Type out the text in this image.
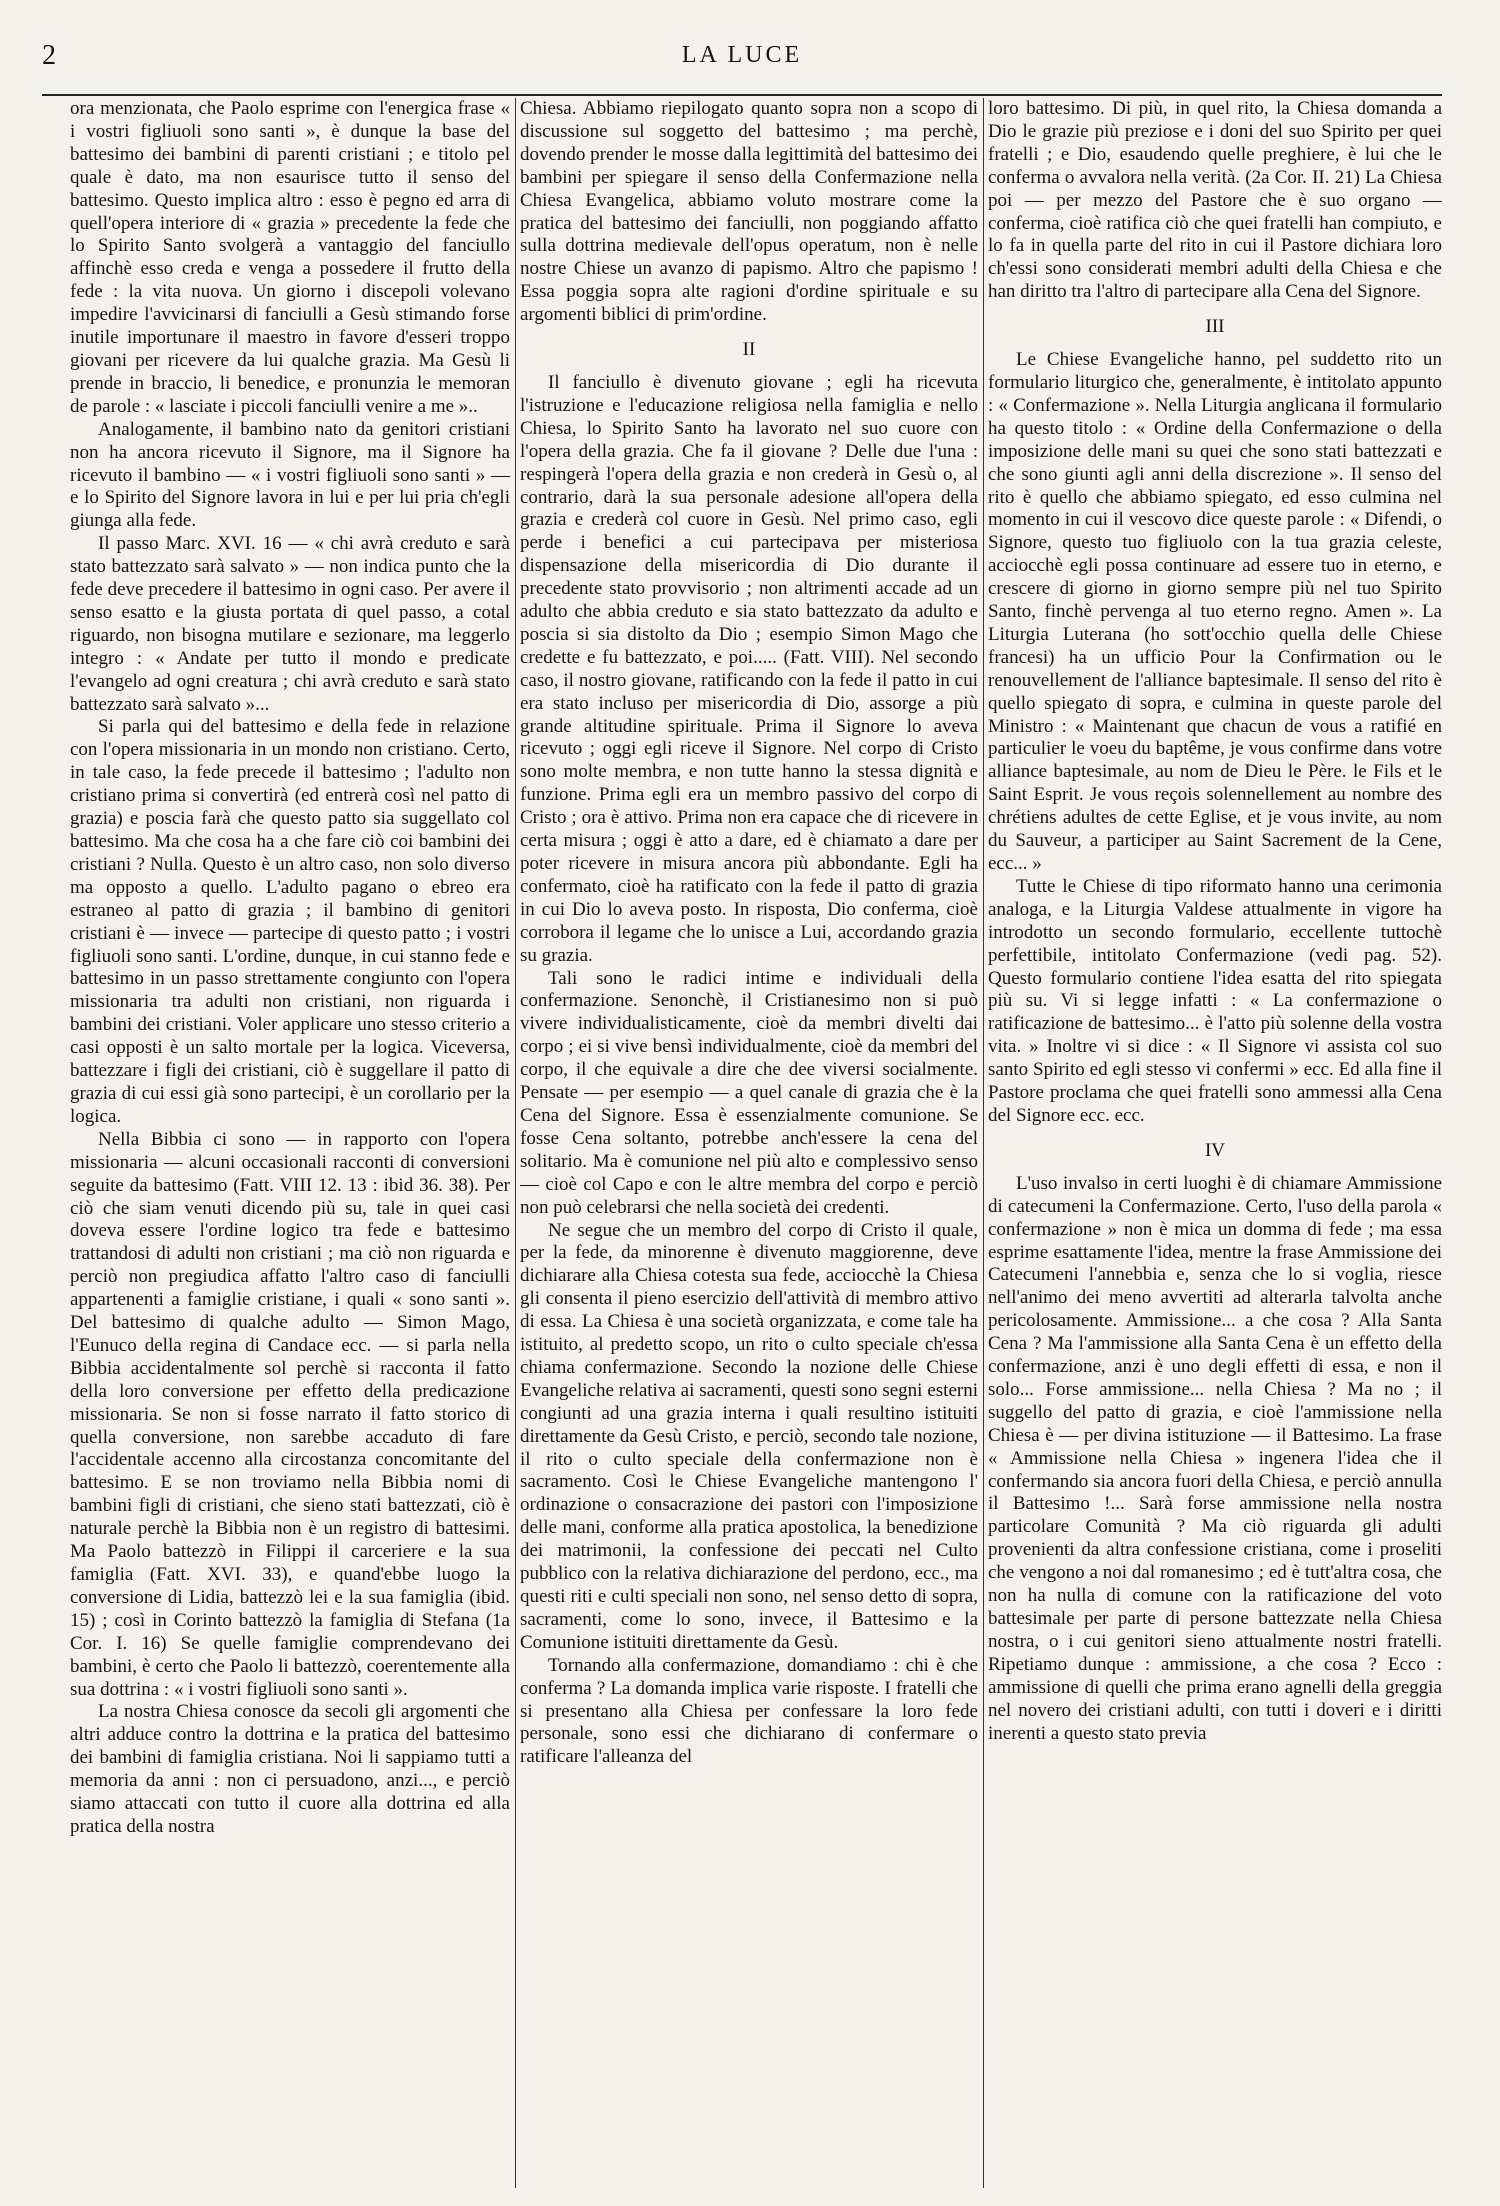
2	LA LUCE

ora menzionata, che Paolo esprime con l'energica frase « i vostri figliuoli sono santi », è dunque la base del battesimo dei bambini di parenti cristiani ; e titolo pel quale è dato, ma non esaurisce tutto il senso del battesimo. Questo implica altro : esso è pegno ed arra di quell'opera interiore di « grazia » precedente la fede che lo Spirito Santo svolgerà a vantaggio del fanciullo affinchè esso creda e venga a possedere il frutto della fede : la vita nuova. Un giorno i discepoli volevano impedire l'avvicinarsi di fanciulli a Gesù stimando forse inutile importunare il maestro in favore d'esseri troppo giovani per ricevere da lui qualche grazia. Ma Gesù li prende in braccio, li benedice, e pronunzia le memoran de parole : « lasciate i piccoli fanciulli venire a me »..

Analogamente, il bambino nato da genitori cristiani non ha ancora ricevuto il Signore, ma il Signore ha ricevuto il bambino — « i vostri figliuoli sono santi » — e lo Spirito del Signore lavora in lui e per lui pria ch'egli giunga alla fede.

Il passo Marc. XVI. 16 — « chi avrà creduto e sarà stato battezzato sarà salvato » — non indica punto che la fede deve precedere il battesimo in ogni caso. Per avere il senso esatto e la giusta portata di quel passo, a cotal riguardo, non bisogna mutilare e sezionare, ma leggerlo integro : « Andate per tutto il mondo e predicate l'evangelo ad ogni creatura ; chi avrà creduto e sarà stato battezzato sarà salvato »...

Si parla qui del battesimo e della fede in relazione con l'opera missionaria in un mondo non cristiano. Certo, in tale caso, la fede precede il battesimo ; l'adulto non cristiano prima si convertirà (ed entrerà così nel patto di grazia) e poscia farà che questo patto sia suggellato col battesimo. Ma che cosa ha a che fare ciò coi bambini dei cristiani ? Nulla. Questo è un altro caso, non solo diverso ma opposto a quello. L'adulto pagano o ebreo era estraneo al patto di grazia ; il bambino di genitori cristiani è — invece — partecipe di questo patto ; i vostri figliuoli sono santi. L'ordine, dunque, in cui stanno fede e battesimo in un passo strettamente congiunto con l'opera missionaria tra adulti non cristiani, non riguarda i bambini dei cristiani. Voler applicare uno stesso criterio a casi opposti è un salto mortale per la logica. Viceversa, battezzare i figli dei cristiani, ciò è suggellare il patto di grazia di cui essi già sono partecipi, è un corollario per la logica.

Nella Bibbia ci sono — in rapporto con l'opera missionaria — alcuni occasionali racconti di conversioni seguite da battesimo (Fatt. VIII 12. 13 : ibid 36. 38). Per ciò che siam venuti dicendo più su, tale in quei casi doveva essere l'ordine logico tra fede e battesimo trattandosi di adulti non cristiani ; ma ciò non riguarda e perciò non pregiudica affatto l'altro caso di fanciulli appartenenti a famiglie cristiane, i quali « sono santi ». Del battesimo di qualche adulto — Simon Mago, l'Eunuco della regina di Candace ecc. — si parla nella Bibbia accidentalmente sol perchè si racconta il fatto della loro conversione per effetto della predicazione missionaria. Se non si fosse narrato il fatto storico di quella conversione, non sarebbe accaduto di fare l'accidentale accenno alla circostanza concomitante del battesimo. E se non troviamo nella Bibbia nomi di bambini figli di cristiani, che sieno stati battezzati, ciò è naturale perchè la Bibbia non è un registro di battesimi. Ma Paolo battezzò in Filippi il carceriere e la sua famiglia (Fatt. XVI. 33), e quand'ebbe luogo la conversione di Lidia, battezzò lei e la sua famiglia (ibid. 15) ; così in Corinto battezzò la famiglia di Stefana (1a Cor. I. 16) Se quelle famiglie comprendevano dei bambini, è certo che Paolo li battezzò, coerentemente alla sua dottrina : « i vostri figliuoli sono santi ».

La nostra Chiesa conosce da secoli gli argomenti che altri adduce contro la dottrina e la pratica del battesimo dei bambini di famiglia cristiana. Noi li sappiamo tutti a memoria da anni : non ci persuadono, anzi..., e perciò siamo attaccati con tutto il cuore alla dottrina ed alla pratica della nostra

Chiesa. Abbiamo riepilogato quanto sopra non a scopo di discussione sul soggetto del battesimo ; ma perchè, dovendo prender le mosse dalla legittimità del battesimo dei bambini per spiegare il senso della Confermazione nella Chiesa Evangelica, abbiamo voluto mostrare come la pratica del battesimo dei fanciulli, non poggiando affatto sulla dottrina medievale dell'opus operatum, non è nelle nostre Chiese un avanzo di papismo. Altro che papismo ! Essa poggia sopra alte ragioni d'ordine spirituale e su argomenti biblici di prim'ordine.

II

Il fanciullo è divenuto giovane ; egli ha ricevuta l'istruzione e l'educazione religiosa nella famiglia e nello Chiesa, lo Spirito Santo ha lavorato nel suo cuore con l'opera della grazia. Che fa il giovane ? Delle due l'una : respingerà l'opera della grazia e non crederà in Gesù o, al contrario, darà la sua personale adesione all'opera della grazia e crederà col cuore in Gesù. Nel primo caso, egli perde i benefici a cui partecipava per misteriosa dispensazione della misericordia di Dio durante il precedente stato provvisorio ; non altrimenti accade ad un adulto che abbia creduto e sia stato battezzato da adulto e poscia si sia distolto da Dio ; esempio Simon Mago che credette e fu battezzato, e poi..... (Fatt. VIII). Nel secondo caso, il nostro giovane, ratificando con la fede il patto in cui era stato incluso per misericordia di Dio, assorge a più grande altitudine spirituale. Prima il Signore lo aveva ricevuto ; oggi egli riceve il Signore. Nel corpo di Cristo sono molte membra, e non tutte hanno la stessa dignità e funzione. Prima egli era un membro passivo del corpo di Cristo ; ora è attivo. Prima non era capace che di ricevere in certa misura ; oggi è atto a dare, ed è chiamato a dare per poter ricevere in misura ancora più abbondante. Egli ha confermato, cioè ha ratificato con la fede il patto di grazia in cui Dio lo aveva posto. In risposta, Dio conferma, cioè corrobora il legame che lo unisce a Lui, accordando grazia su grazia.

Tali sono le radici intime e individuali della confermazione. Senonchè, il Cristianesimo non si può vivere individualisticamente, cioè da membri divelti dai corpo ; ei si vive bensì individualmente, cioè da membri del corpo, il che equivale a dire che dee viversi socialmente. Pensate — per esempio — a quel canale di grazia che è la Cena del Signore. Essa è essenzialmente comunione. Se fosse Cena soltanto, potrebbe anch'essere la cena del solitario. Ma è comunione nel più alto e complessivo senso — cioè col Capo e con le altre membra del corpo e perciò non può celebrarsi che nella società dei credenti.

Ne segue che un membro del corpo di Cristo il quale, per la fede, da minorenne è divenuto maggiorenne, deve dichiarare alla Chiesa cotesta sua fede, acciocchè la Chiesa gli consenta il pieno esercizio dell'attività di membro attivo di essa. La Chiesa è una società organizzata, e come tale ha istituito, al predetto scopo, un rito o culto speciale ch'essa chiama confermazione. Secondo la nozione delle Chiese Evangeliche relativa ai sacramenti, questi sono segni esterni congiunti ad una grazia interna i quali resultino istituiti direttamente da Gesù Cristo, e perciò, secondo tale nozione, il rito o culto speciale della confermazione non è sacramento. Così le Chiese Evangeliche mantengono l' ordinazione o consacrazione dei pastori con l'imposizione delle mani, conforme alla pratica apostolica, la benedizione dei matrimonii, la confessione dei peccati nel Culto pubblico con la relativa dichiarazione del perdono, ecc., ma questi riti e culti speciali non sono, nel senso detto di sopra, sacramenti, come lo sono, invece, il Battesimo e la Comunione istituiti direttamente da Gesù.

Tornando alla confermazione, domandiamo : chi è che conferma ? La domanda implica varie risposte. I fratelli che si presentano alla Chiesa per confessare la loro fede personale, sono essi che dichiarano di confermare o ratificare l'alleanza del

loro battesimo. Di più, in quel rito, la Chiesa domanda a Dio le grazie più preziose e i doni del suo Spirito per quei fratelli ; e Dio, esaudendo quelle preghiere, è lui che le conferma o avvalora nella verità. (2a Cor. II. 21) La Chiesa poi — per mezzo del Pastore che è suo organo — conferma, cioè ratifica ciò che quei fratelli han compiuto, e lo fa in quella parte del rito in cui il Pastore dichiara loro ch'essi sono considerati membri adulti della Chiesa e che han diritto tra l'altro di partecipare alla Cena del Signore.

III

Le Chiese Evangeliche hanno, pel suddetto rito un formulario liturgico che, generalmente, è intitolato appunto : « Confermazione ». Nella Liturgia anglicana il formulario ha questo titolo : « Ordine della Confermazione o della imposizione delle mani su quei che sono stati battezzati e che sono giunti agli anni della discrezione ». Il senso del rito è quello che abbiamo spiegato, ed esso culmina nel momento in cui il vescovo dice queste parole : « Difendi, o Signore, questo tuo figliuolo con la tua grazia celeste, acciocchè egli possa continuare ad essere tuo in eterno, e crescere di giorno in giorno sempre più nel tuo Spirito Santo, finchè pervenga al tuo eterno regno. Amen ». La Liturgia Luterana (ho sott'occhio quella delle Chiese francesi) ha un ufficio Pour la Confirmation ou le renouvellement de l'alliance baptesimale. Il senso del rito è quello spiegato di sopra, e culmina in queste parole del Ministro : « Maintenant que chacun de vous a ratifié en particulier le voeu du baptême, je vous confirme dans votre alliance baptesimale, au nom de Dieu le Père. le Fils et le Saint Esprit. Je vous reçois solennellement au nombre des chrétiens adultes de cette Eglise, et je vous invite, au nom du Sauveur, a participer au Saint Sacrement de la Cene, ecc... »

Tutte le Chiese di tipo riformato hanno una cerimonia analoga, e la Liturgia Valdese attualmente in vigore ha introdotto un secondo formulario, eccellente tuttochè perfettibile, intitolato Confermazione (vedi pag. 52). Questo formulario contiene l'idea esatta del rito spiegata più su. Vi si legge infatti : « La confermazione o ratificazione de battesimo... è l'atto più solenne della vostra vita. » Inoltre vi si dice : « Il Signore vi assista col suo santo Spirito ed egli stesso vi confermi » ecc. Ed alla fine il Pastore proclama che quei fratelli sono ammessi alla Cena del Signore ecc. ecc.

IV

L'uso invalso in certi luoghi è di chiamare Ammissione di catecumeni la Confermazione. Certo, l'uso della parola « confermazione » non è mica un domma di fede ; ma essa esprime esattamente l'idea, mentre la frase Ammissione dei Catecumeni l'annebbia e, senza che lo si voglia, riesce nell'animo dei meno avvertiti ad alterarla talvolta anche pericolosamente. Ammissione... a che cosa ? Alla Santa Cena ? Ma l'ammissione alla Santa Cena è un effetto della confermazione, anzi è uno degli effetti di essa, e non il solo... Forse ammissione... nella Chiesa ? Ma no ; il suggello del patto di grazia, e cioè l'ammissione nella Chiesa è — per divina istituzione — il Battesimo. La frase « Ammissione nella Chiesa » ingenera l'idea che il confermando sia ancora fuori della Chiesa, e perciò annulla il Battesimo !... Sarà forse ammissione nella nostra particolare Comunità ? Ma ciò riguarda gli adulti provenienti da altra confessione cristiana, come i proseliti che vengono a noi dal romanesimo ; ed è tutt'altra cosa, che non ha nulla di comune con la ratificazione del voto battesimale per parte di persone battezzate nella Chiesa nostra, o i cui genitori sieno attualmente nostri fratelli. Ripetiamo dunque : ammissione, a che cosa ? Ecco : ammissione di quelli che prima erano agnelli della greggia nel novero dei cristiani adulti, con tutti i doveri e i diritti inerenti a questo stato previa
